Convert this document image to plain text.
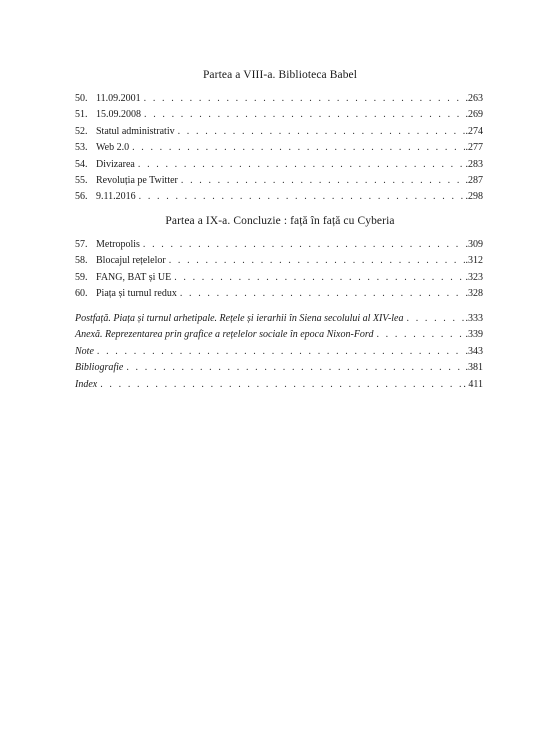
Partea a VIII-a. Biblioteca Babel
50. 11.09.2001 . . .	.263
51. 15.09.2008 . . .	.269
52. Statul administrativ . . .	.274
53. Web 2.0 . . .	.277
54. Divizarea . . .	.283
55. Revoluția pe Twitter . . .	.287
56. 9.11.2016 . . .	.298
Partea a IX-a. Concluzie : față în față cu Cyberia
57. Metropolis . . .	.309
58. Blocajul rețelelor . . .	.312
59. FANG, BAT și UE . . .	.323
60. Piața și turnul redux . . .	.328
Postfață. Piața și turnul arhetipale. Rețele și ierarhii în Siena secolului al XIV-lea . . .	.333
Anexă. Reprezentarea prin grafice a rețelelor sociale în epoca Nixon-Ford . . .	.339
Note . . .	.343
Bibliografie . . .	.381
Index . . .	. 411
